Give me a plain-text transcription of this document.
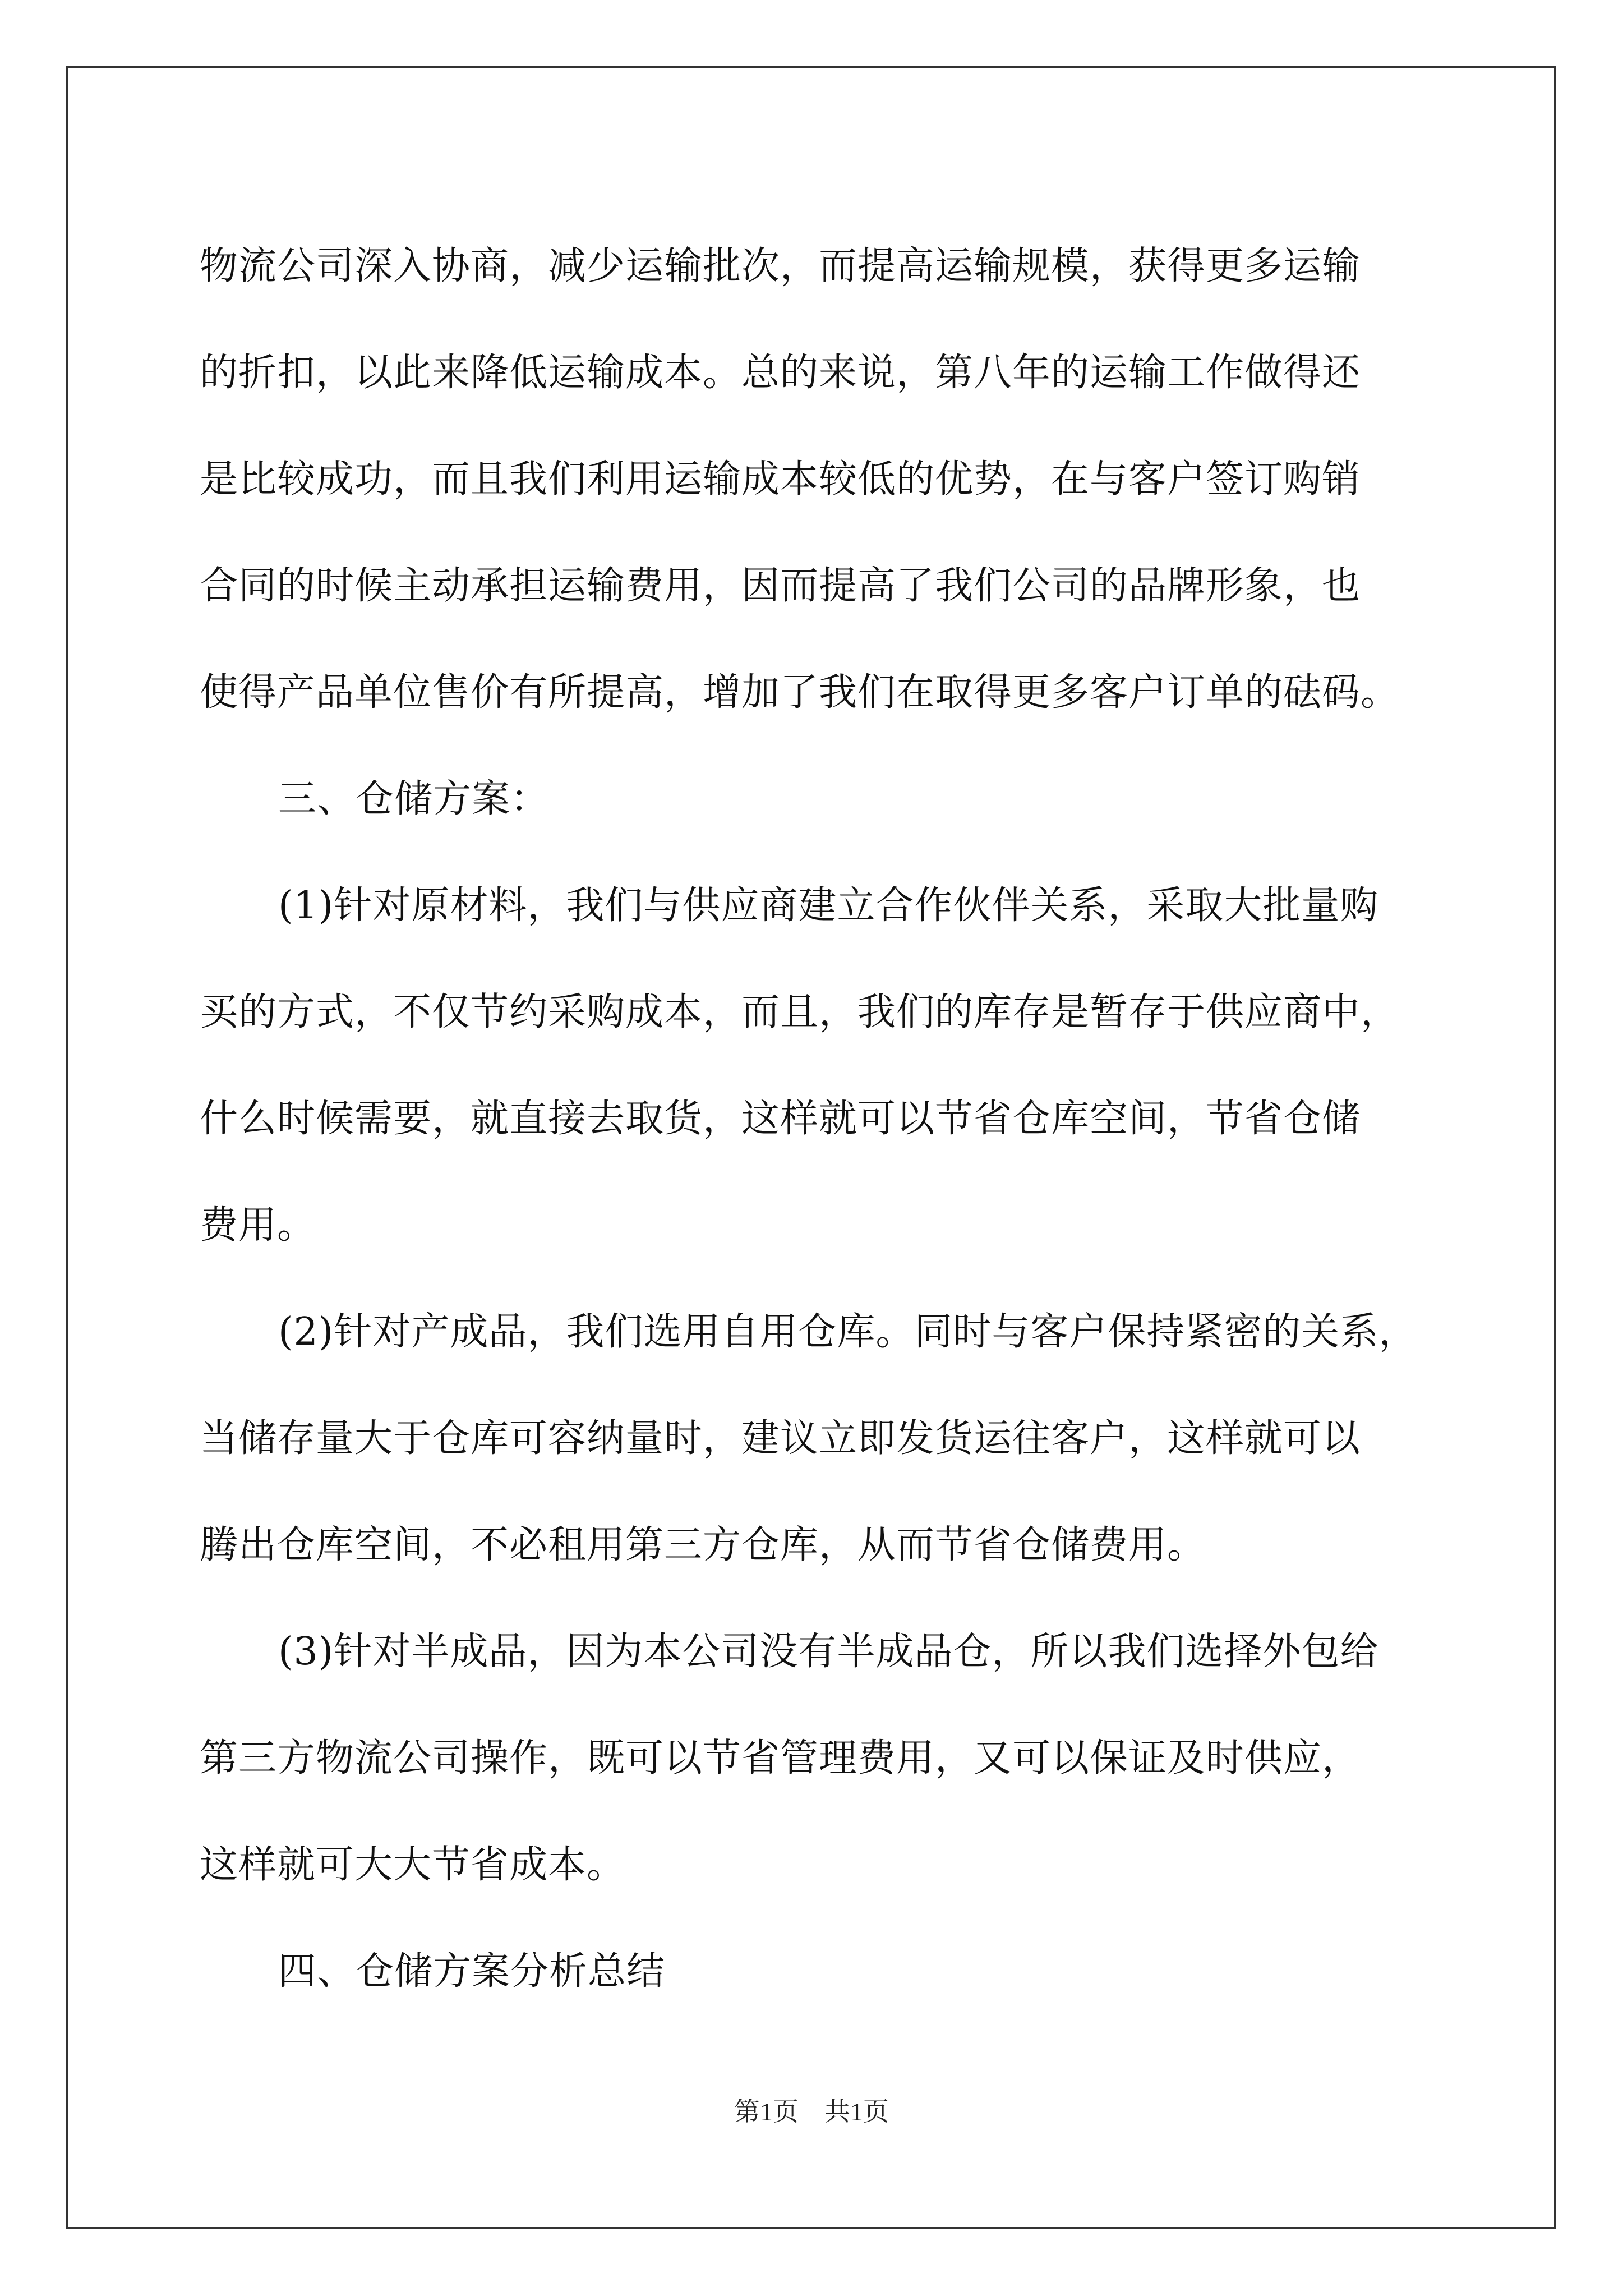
物流公司深入协商，减少运输批次，而提高运输规模，获得更多运输
的折扣，以此来降低运输成本。总的来说，第八年的运输工作做得还
是比较成功，而且我们利用运输成本较低的优势，在与客户签订购销
合同的时候主动承担运输费用，因而提高了我们公司的品牌形象，也
使得产品单位售价有所提高，增加了我们在取得更多客户订单的砝码。
三、仓储方案：
(1)针对原材料，我们与供应商建立合作伙伴关系，采取大批量购
买的方式，不仅节约采购成本，而且，我们的库存是暂存于供应商中，
什么时候需要，就直接去取货，这样就可以节省仓库空间，节省仓储
费用。
(2)针对产成品，我们选用自用仓库。同时与客户保持紧密的关系，
当储存量大于仓库可容纳量时，建议立即发货运往客户，这样就可以
腾出仓库空间，不必租用第三方仓库，从而节省仓储费用。
(3)针对半成品，因为本公司没有半成品仓，所以我们选择外包给
第三方物流公司操作，既可以节省管理费用，又可以保证及时供应，
这样就可大大节省成本。
四、仓储方案分析总结
第1页 共1页
